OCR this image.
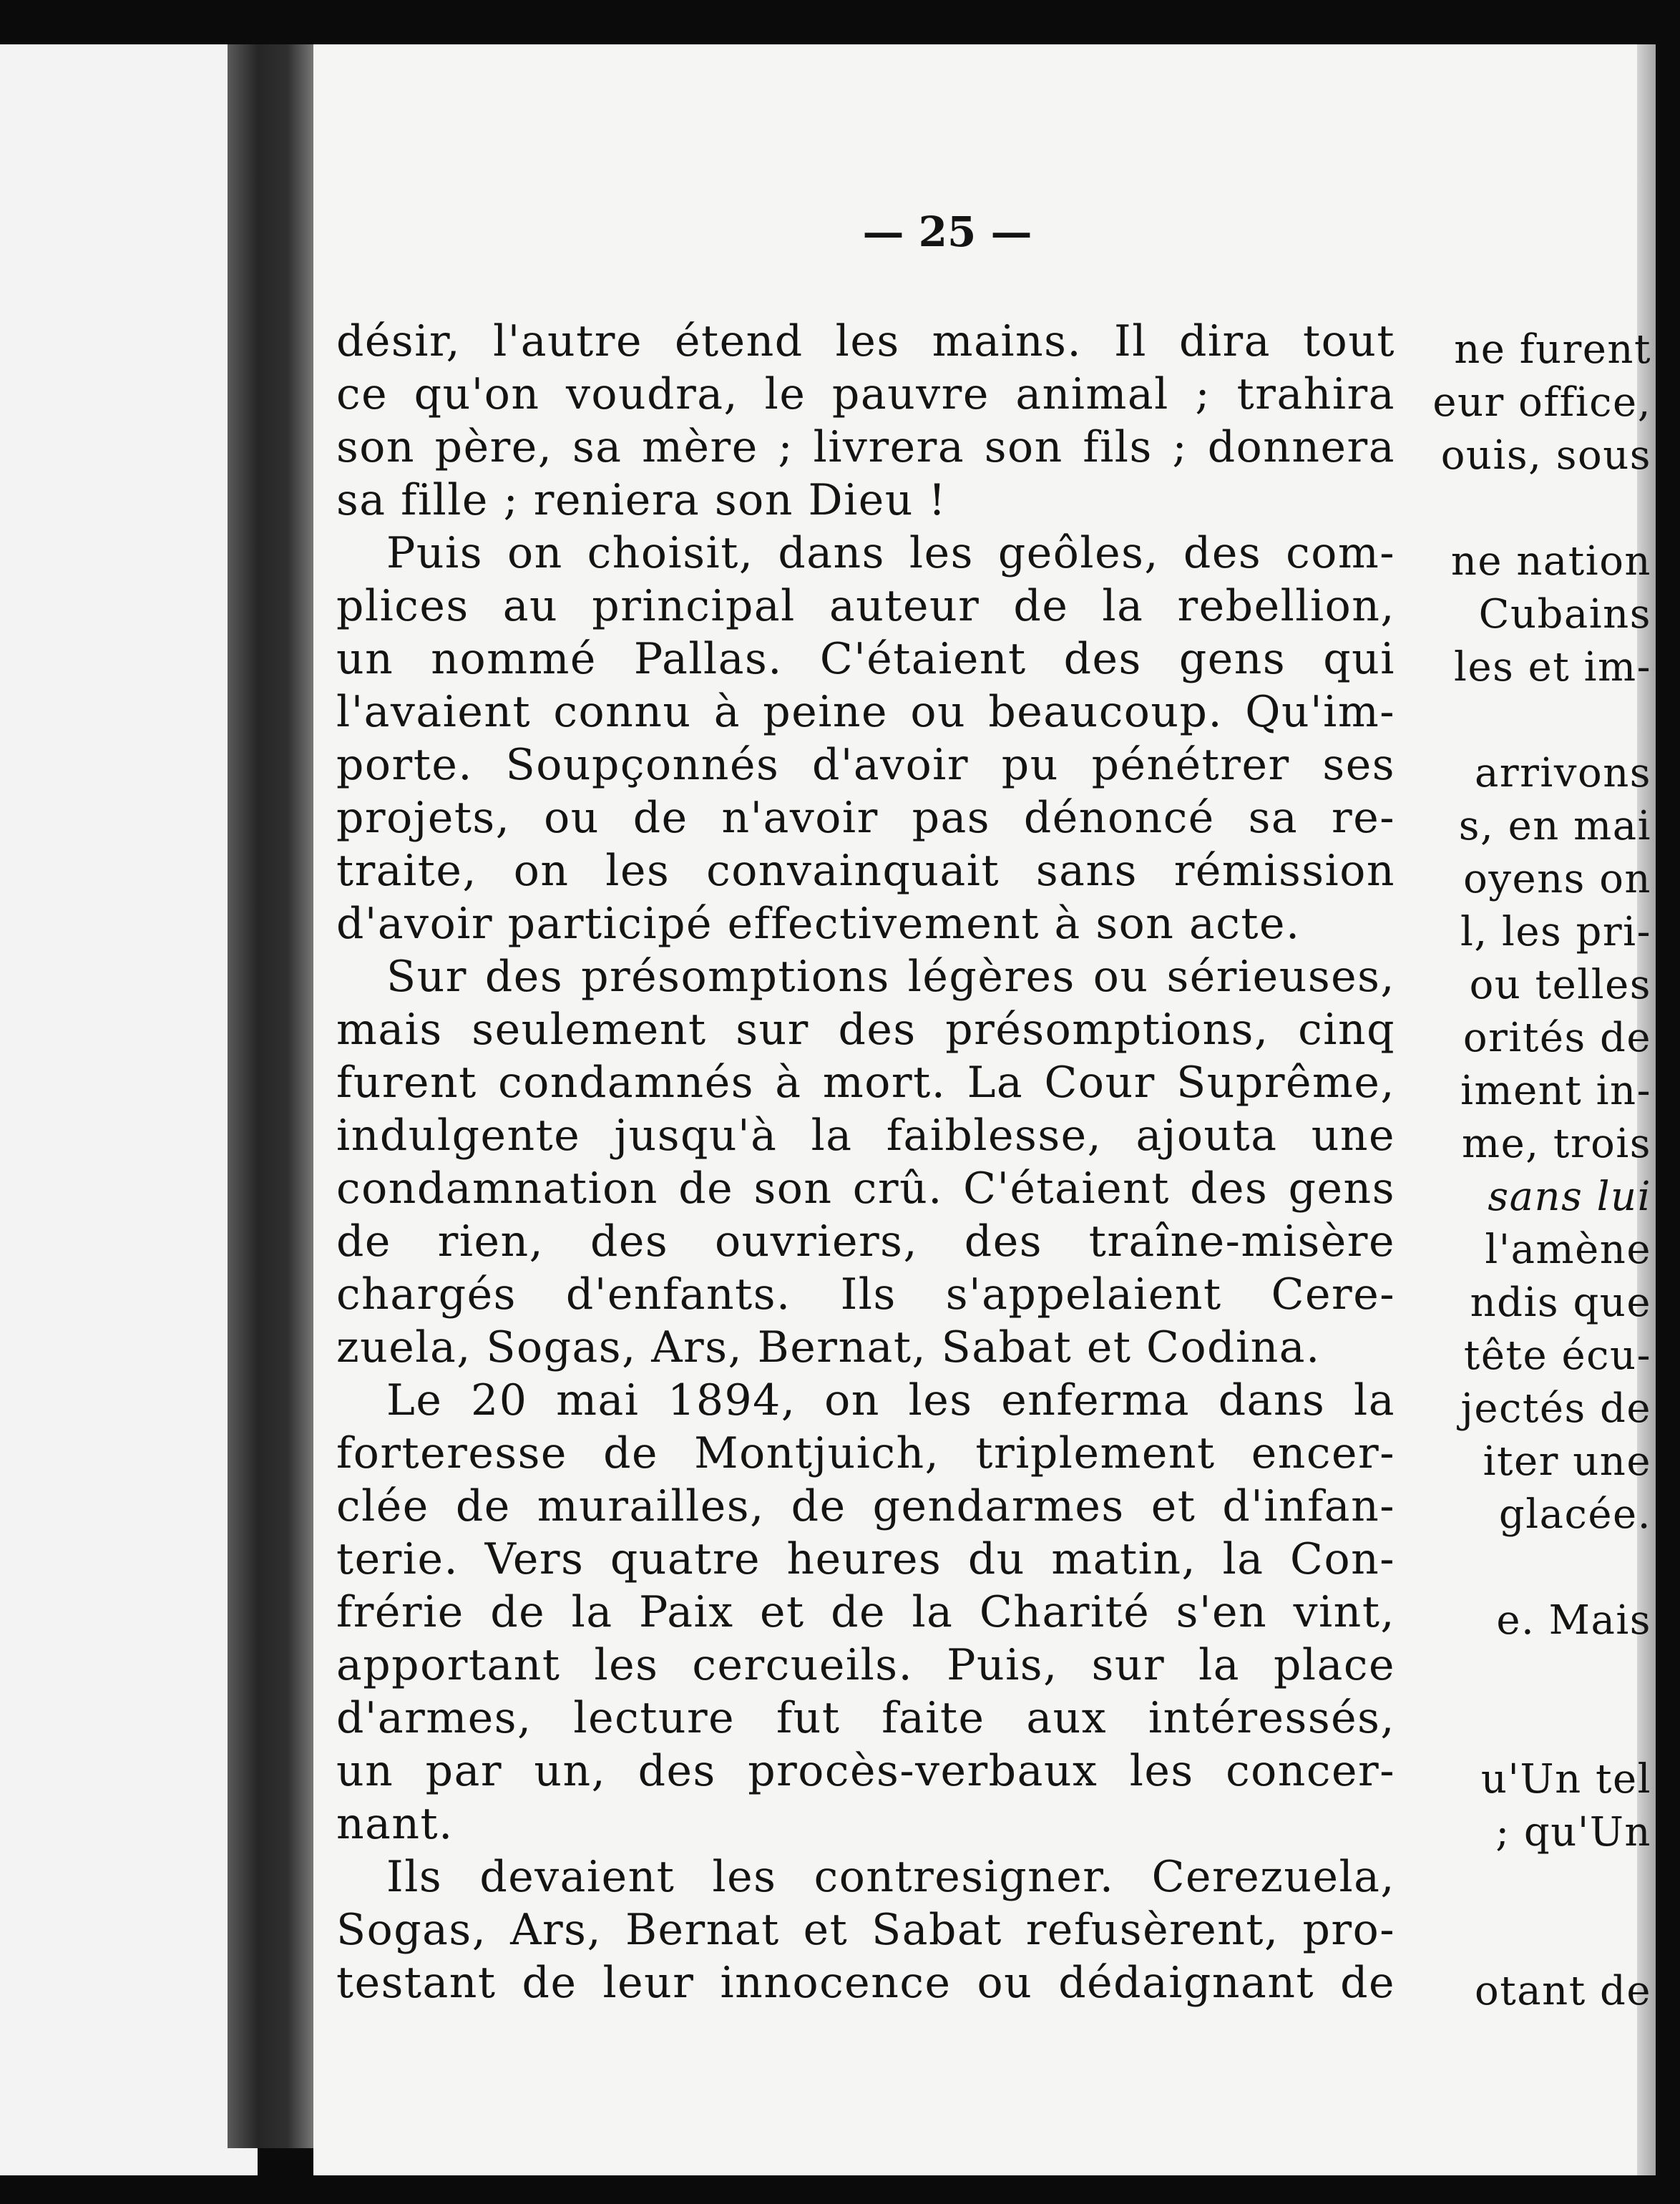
— 25 —
ne furent
eur office,
ouis, sous
ne nation
Cubains
les et im-
arrivons
s, en mai
oyens on
l, les pri-
ou telles
orités de
iment in-
me, trois
sans lui
l'amène
ndis que
tête écu-
jectés de
iter une
glacée.
e. Mais
u'Un tel
; qu'Un
otant de
désir, l'autre étend les mains. Il dira tout
ce qu'on voudra, le pauvre animal ; trahira
son père, sa mère ; livrera son fils ; donnera
sa fille ; reniera son Dieu !
Puis on choisit, dans les geôles, des com-
plices au principal auteur de la rebellion,
un nommé Pallas. C'étaient des gens qui
l'avaient connu à peine ou beaucoup. Qu'im-
porte. Soupçonnés d'avoir pu pénétrer ses
projets, ou de n'avoir pas dénoncé sa re-
traite, on les convainquait sans rémission
d'avoir participé effectivement à son acte.
Sur des présomptions légères ou sérieuses,
mais seulement sur des présomptions, cinq
furent condamnés à mort. La Cour Suprême,
indulgente jusqu'à la faiblesse, ajouta une
condamnation de son crû. C'étaient des gens
de rien, des ouvriers, des traîne-misère
chargés d'enfants. Ils s'appelaient Cere-
zuela, Sogas, Ars, Bernat, Sabat et Codina.
Le 20 mai 1894, on les enferma dans la
forteresse de Montjuich, triplement encer-
clée de murailles, de gendarmes et d'infan-
terie. Vers quatre heures du matin, la Con-
frérie de la Paix et de la Charité s'en vint,
apportant les cercueils. Puis, sur la place
d'armes, lecture fut faite aux intéressés,
un par un, des procès-verbaux les concer-
nant.
Ils devaient les contresigner. Cerezuela,
Sogas, Ars, Bernat et Sabat refusèrent, pro-
testant de leur innocence ou dédaignant de
